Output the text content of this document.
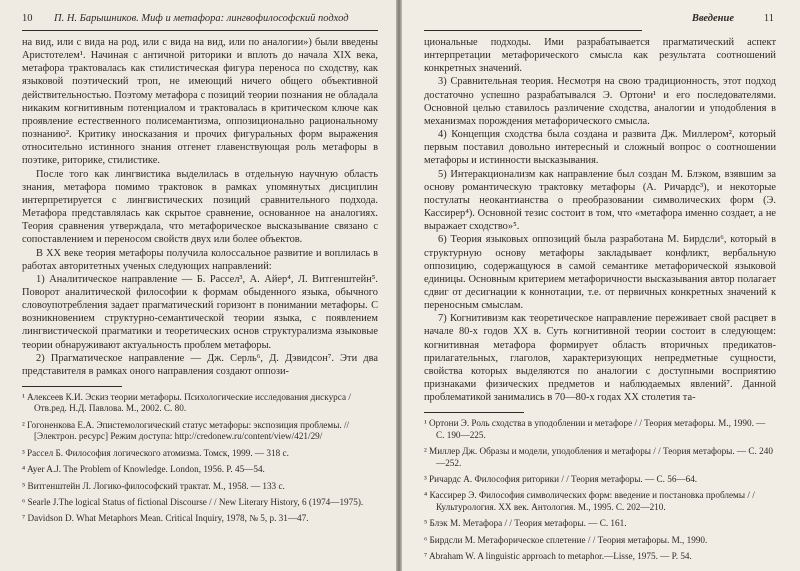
10 П. Н. Барышников. Миф и метафора: лингвофилософский подход

на вид, или с вида на род, или с вида на вид, или по аналогии») были введены Аристотелем¹. Начиная с античной риторики и вплоть до начала XIX века, метафора трактовалась как стилистическая фигура переноса по сходству, как языковой поэтический троп, не имеющий ничего общего объективной действительностью. Поэтому метафора с позиций теории познания не обладала никаким когнитивным потенциалом и трактовалась в критическом ключе как проявление естественного полисемантизма, оппозиционально рациональному познанию². Критику иносказания и прочих фигуральных форм выражения относительно истинного знания отгенет главенствующая роль метафоры в поэтике, риторике, стилистике.

После того как лингвистика выделилась в отдельную научную область знания, метафора помимо трактовок в рамках упомянутых дисциплин интерпретируется с лингвистических позиций сравнительного подхода. Метафора представлялась как скрытое сравнение, основанное на аналогиях. Теория сравнения утверждала, что метафорическое высказывание связано с сопоставлением и переносом свойств двух или более объектов.

В XX веке теория метафоры получила колоссальное развитие и воплилась в работах авторитетных ученых следующих направлений:

1) Аналитическое направление — Б. Рассел³, А. Айер⁴, Л. Витгенштейн⁵. Поворот аналитической философии к формам обыденного языка, обычного словоупотребления задает прагматический горизонт в понимании метафоры. С возникновением структурно-семантической теории языка, с появлением лингвистической прагматики и теоретических основ структурализма языковые теории обнаруживают актуальность проблем метафоры.

2) Прагматическое направление — Дж. Серль⁶, Д. Дэвидсон⁷. Эти два представителя в рамках оного направления создают оппози-

¹ Алексеев К.И. Эскиз теории метафоры. Психологические исследования дискурса / Отв.ред. Н.Д. Павлова. М., 2002. С. 80.

² Гогоненкова Е.А. Эпистемологический статус метафоры: экспозиция проблемы. // [Электрон. ресурс] Режим доступа: http://credonew.ru/content/view/421/29/

³ Рассел Б. Философия логического атомизма. Томск, 1999. — 318 с.

⁴ Ayer A.J. The Problem of Knowledge. London, 1956. P. 45—54.

⁵ Витгенштейн Л. Логико-философский трактат. М., 1958. — 133 с.

⁶ Searle J.The logical Status of fictional Discourse / / New Literary History, 6 (1974—1975).

⁷ Davidson D. What Metaphors Mean. Critical Inquiry, 1978, № 5, p. 31—47.

Введение	11

циональные подходы. Ими разрабатывается прагматический аспект интерпретации метафорического смысла как результата соотношений конкретных значений.

3) Сравнительная теория. Несмотря на свою традиционность, этот подход достаточно успешно разрабатывался Э. Ортони¹ и его последователями. Основной целью ставилось различение сходства, аналогии и уподобления в механизмах порождения метафорического смысла.

4) Концепция сходства была создана и развита Дж. Миллером², который первым поставил довольно интересный и сложный вопрос о соотношении метафоры и истинности высказывания.

5) Интеракционализм как направление был создан М. Блэком, взявшим за основу романтическую трактовку метафоры (А. Ричардс³), и некоторые постулаты неокантианства о преобразовании символических форм (Э. Кассирер⁴). Основной тезис состоит в том, что «метафора именно создает, а не выражает сходство»⁵.

6) Теория языковых оппозиций была разработана М. Бирдсли⁶, который в структурную основу метафоры закладывает конфликт, вербальную оппозицию, содержащуюся в самой семантике метафорической языковой единицы. Основным критерием метафоричности высказывания автор полагает сдвиг от десигнации к коннотации, т.е. от первичных конкретных значений к переносным смыслам.

7) Когнитивизм как теоретическое направление переживает свой расцвет в начале 80-х годов XX в. Суть когнитивной теории состоит в следующем: когнитивная метафора формирует область вторичных предикатов-прилагательных, глаголов, характеризующих непредметные сущности, свойства которых выделяются по аналогии с доступными восприятию признаками физических предметов и наблюдаемых явлений⁷. Данной проблематикой занимались в 70—80-х годах XX столетия та-

¹ Ортони Э. Роль сходства в уподоблении и метафоре / / Теория метафоры. М., 1990. — С. 190—225.

² Миллер Дж. Образы и модели, уподобления и метафоры / / Теория метафоры. — С. 240—252.

³ Ричардс А. Философия риторики / / Теория метафоры. — С. 56—64.

⁴ Кассирер Э. Философия символических форм: введение и постановка проблемы / /Культурология. XX век. Антология. М., 1995. С. 202—210.

⁵ Блэк М. Метафора / / Теория метафоры. — С. 161.

⁶ Бирдсли М. Метафорическое сплетение / / Теория метафоры. М., 1990.

⁷ Abraham W. A linguistic approach to metaphor.—Lisse, 1975. — P. 54.
